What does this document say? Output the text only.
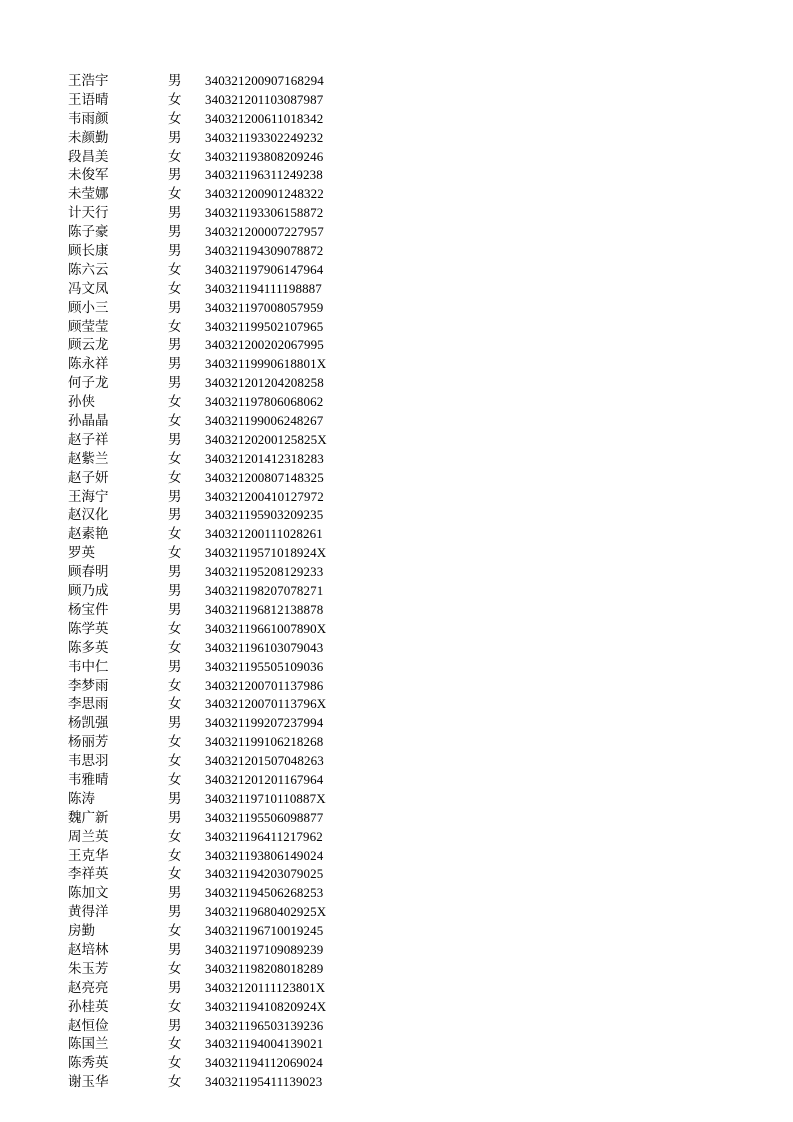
王浩宇	男	340321200907168294
王语晴	女	340321201103087987
韦雨颜	女	340321200611018342
未颜勤	男	340321193302249232
段昌美	女	340321193808209246
未俊军	男	340321196311249238
未莹娜	女	340321200901248322
计天行	男	340321193306158872
陈子豪	男	340321200007227957
顾长康	男	340321194309078872
陈六云	女	340321197906147964
冯文凤	女	340321194111198887
顾小三	男	340321197008057959
顾莹莹	女	340321199502107965
顾云龙	男	340321200202067995
陈永祥	男	34032119990618801X
何子龙	男	340321201204208258
孙侠	女	340321197806068062
孙晶晶	女	340321199006248267
赵子祥	男	34032120200125825X
赵紫兰	女	340321201412318283
赵子妍	女	340321200807148325
王海宁	男	340321200410127972
赵汉化	男	340321195903209235
赵素艳	女	340321200111028261
罗英	女	34032119571018924X
顾春明	男	340321195208129233
顾乃成	男	340321198207078271
杨宝件	男	340321196812138878
陈学英	女	34032119661007890X
陈多英	女	340321196103079043
韦中仁	男	340321195505109036
李梦雨	女	340321200701137986
李思雨	女	34032120070113796X
杨凯强	男	340321199207237994
杨丽芳	女	340321199106218268
韦思羽	女	340321201507048263
韦雅晴	女	340321201201167964
陈涛	男	34032119710110887X
魏广新	男	340321195506098877
周兰英	女	340321196411217962
王克华	女	340321193806149024
李祥英	女	340321194203079025
陈加文	男	340321194506268253
黄得洋	男	34032119680402925X
房勤	女	340321196710019245
赵培林	男	340321197109089239
朱玉芳	女	340321198208018289
赵亮亮	男	34032120111123801X
孙桂英	女	34032119410820924X
赵恒俭	男	340321196503139236
陈国兰	女	340321194004139021
陈秀英	女	340321194112069024
谢玉华	女	340321195411139023
